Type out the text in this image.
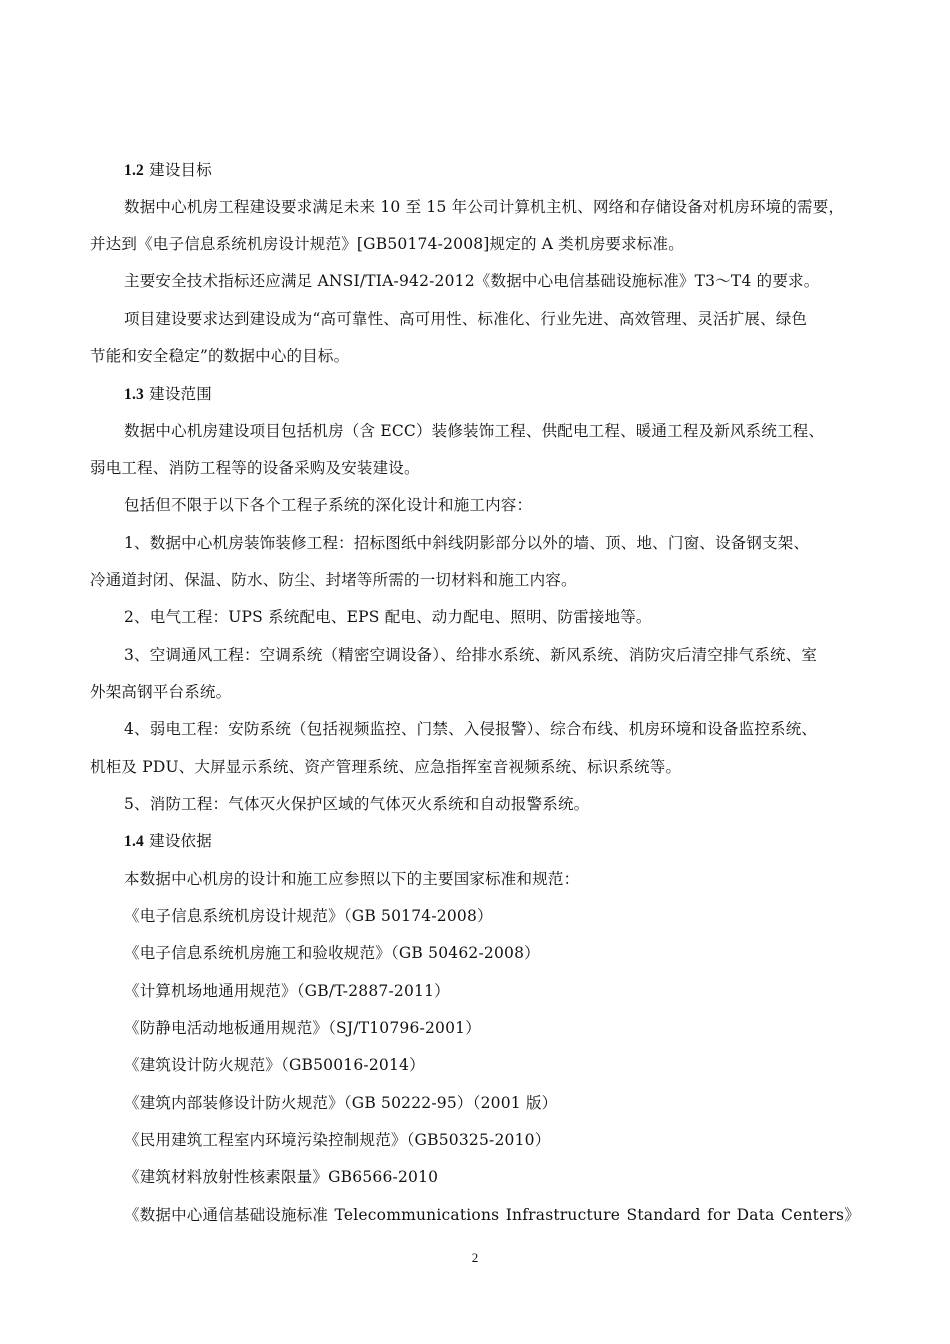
1.2 建设目标
数据中心机房工程建设要求满足未来 10 至 15 年公司计算机主机、网络和存储设备对机房环境的需要，
并达到《电子信息系统机房设计规范》[GB50174-2008]规定的 A 类机房要求标准。
主要安全技术指标还应满足 ANSI/TIA-942-2012《数据中心电信基础设施标准》T3～T4 的要求。
项目建设要求达到建设成为“高可靠性、高可用性、标准化、行业先进、高效管理、灵活扩展、绿色
节能和安全稳定”的数据中心的目标。
1.3 建设范围
数据中心机房建设项目包括机房（含 ECC）装修装饰工程、供配电工程、暖通工程及新风系统工程、
弱电工程、消防工程等的设备采购及安装建设。
包括但不限于以下各个工程子系统的深化设计和施工内容：
1、数据中心机房装饰装修工程：招标图纸中斜线阴影部分以外的墙、顶、地、门窗、设备钢支架、
冷通道封闭、保温、防水、防尘、封堵等所需的一切材料和施工内容。
2、电气工程：UPS 系统配电、EPS 配电、动力配电、照明、防雷接地等。
3、空调通风工程：空调系统（精密空调设备）、给排水系统、新风系统、消防灾后清空排气系统、室
外架高钢平台系统。
4、弱电工程：安防系统（包括视频监控、门禁、入侵报警）、综合布线、机房环境和设备监控系统、
机柜及 PDU、大屏显示系统、资产管理系统、应急指挥室音视频系统、标识系统等。
5、消防工程：气体灭火保护区域的气体灭火系统和自动报警系统。
1.4 建设依据
本数据中心机房的设计和施工应参照以下的主要国家标准和规范：
《电子信息系统机房设计规范》（GB 50174-2008）
《电子信息系统机房施工和验收规范》（GB 50462-2008）
《计算机场地通用规范》（GB/T-2887-2011）
《防静电活动地板通用规范》（SJ/T10796-2001）
《建筑设计防火规范》（GB50016-2014）
《建筑内部装修设计防火规范》（GB 50222-95）（2001 版）
《民用建筑工程室内环境污染控制规范》（GB50325-2010）
《建筑材料放射性核素限量》GB6566-2010
《数据中心通信基础设施标准 Telecommunications Infrastructure Standard for Data Centers》
2
